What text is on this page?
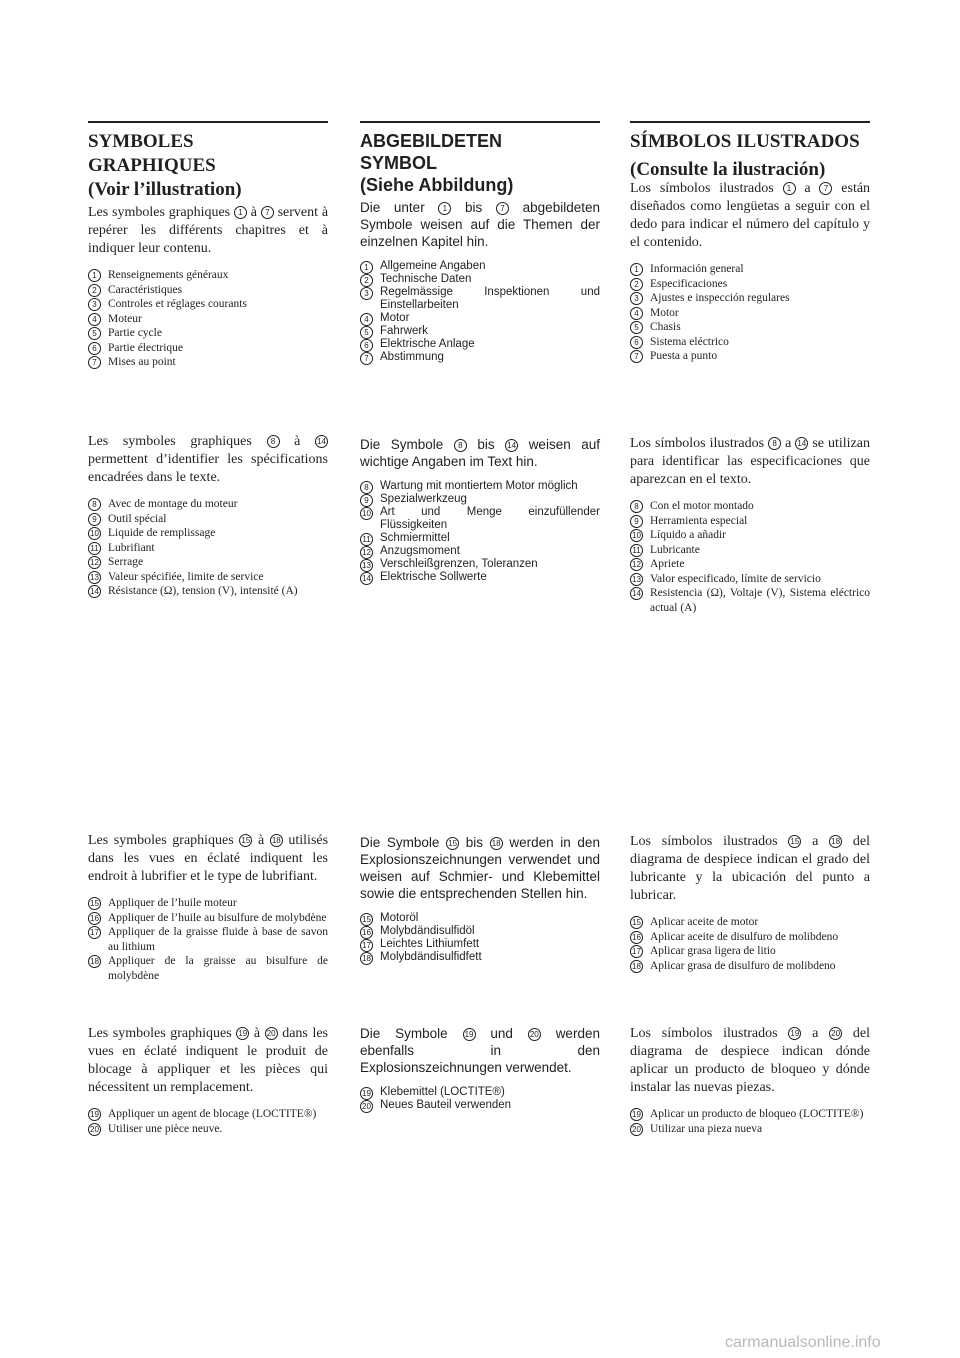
SYMBOLES
GRAPHIQUES
(Voir l’illustration)
ABGEBILDETEN
SYMBOL
(Siehe Abbildung)
SÍMBOLOS ILUSTRADOS
(Consulte la ilustración)

Les symboles graphiques 1 à 7 servent à repérer les différents chapitres et à indiquer leur contenu.

1 Renseignements généraux
2 Caractéristiques
3 Controles et réglages courants
4 Moteur
5 Partie cycle
6 Partie électrique
7 Mises au point

Les symboles graphiques 8 à 14 permettent d’identifier les spécifications encadrées dans le texte.

8 Avec de montage du moteur
9 Outil spécial
10 Liquide de remplissage
11 Lubrifiant
12 Serrage
13 Valeur spécifiée, limite de service
14 Résistance (Ω), tension (V), intensité (A)

Les symboles graphiques 15 à 18 utilisés dans les vues en éclaté indiquent les endroit à lubrifier et le type de lubrifiant.

15 Appliquer de l’huile moteur
16 Appliquer de l’huile au bisulfure de molybdène
17 Appliquer de la graisse fluide à base de savon au lithium
18 Appliquer de la graisse au bisulfure de molybdène

Les symboles graphiques 19 à 20 dans les vues en éclaté indiquent le produit de blocage à appliquer et les pièces qui nécessitent un remplacement.

19 Appliquer un agent de blocage (LOCTITE®)
20 Utiliser une pièce neuve.

Die unter 1 bis 7 abgebildeten Symbole weisen auf die Themen der einzelnen Kapitel hin.

1 Allgemeine Angaben
2 Technische Daten
3 Regelmässige Inspektionen und Einstellarbeiten
4 Motor
5 Fahrwerk
6 Elektrische Anlage
7 Abstimmung

Die Symbole 8 bis 14 weisen auf wichtige Angaben im Text hin.

8 Wartung mit montiertem Motor möglich
9 Spezialwerkzeug
10 Art und Menge einzufüllender Flüssigkeiten
11 Schmiermittel
12 Anzugsmoment
13 Verschleißgrenzen, Toleranzen
14 Elektrische Sollwerte

Die Symbole 15 bis 18 werden in den Explosionszeichnungen verwendet und weisen auf Schmier- und Klebemittel sowie die entsprechenden Stellen hin.

15 Motoröl
16 Molybdändisulfidöl
17 Leichtes Lithiumfett
18 Molybdändisulfidfett

Die Symbole 19 und 20 werden ebenfalls in den Explosionszeichnungen verwendet.

19 Klebemittel (LOCTITE®)
20 Neues Bauteil verwenden

Los símbolos ilustrados 1 a 7 están diseñados como lengüetas a seguir con el dedo para indicar el número del capítulo y el contenido.

1 Información general
2 Especificaciones
3 Ajustes e inspección regulares
4 Motor
5 Chasis
6 Sistema eléctrico
7 Puesta a punto

Los símbolos ilustrados 8 a 14 se utilizan para identificar las especificaciones que aparezcan en el texto.

8 Con el motor montado
9 Herramienta especial
10 Líquido a añadir
11 Lubricante
12 Apriete
13 Valor especificado, límite de servicio
14 Resistencia (Ω), Voltaje (V), Sistema eléctrico actual (A)

Los símbolos ilustrados 15 a 18 del diagrama de despiece indican el grado del lubricante y la ubicación del punto a lubricar.

15 Aplicar aceite de motor
16 Aplicar aceite de disulfuro de molibdeno
17 Aplicar grasa ligera de litio
18 Aplicar grasa de disulfuro de molibdeno

Los símbolos ilustrados 19 a 20 del diagrama de despiece indican dónde aplicar un producto de bloqueo y dónde instalar las nuevas piezas.

19 Aplicar un producto de bloqueo (LOCTITE®)
20 Utilizar una pieza nueva
carmanualsonline.info
